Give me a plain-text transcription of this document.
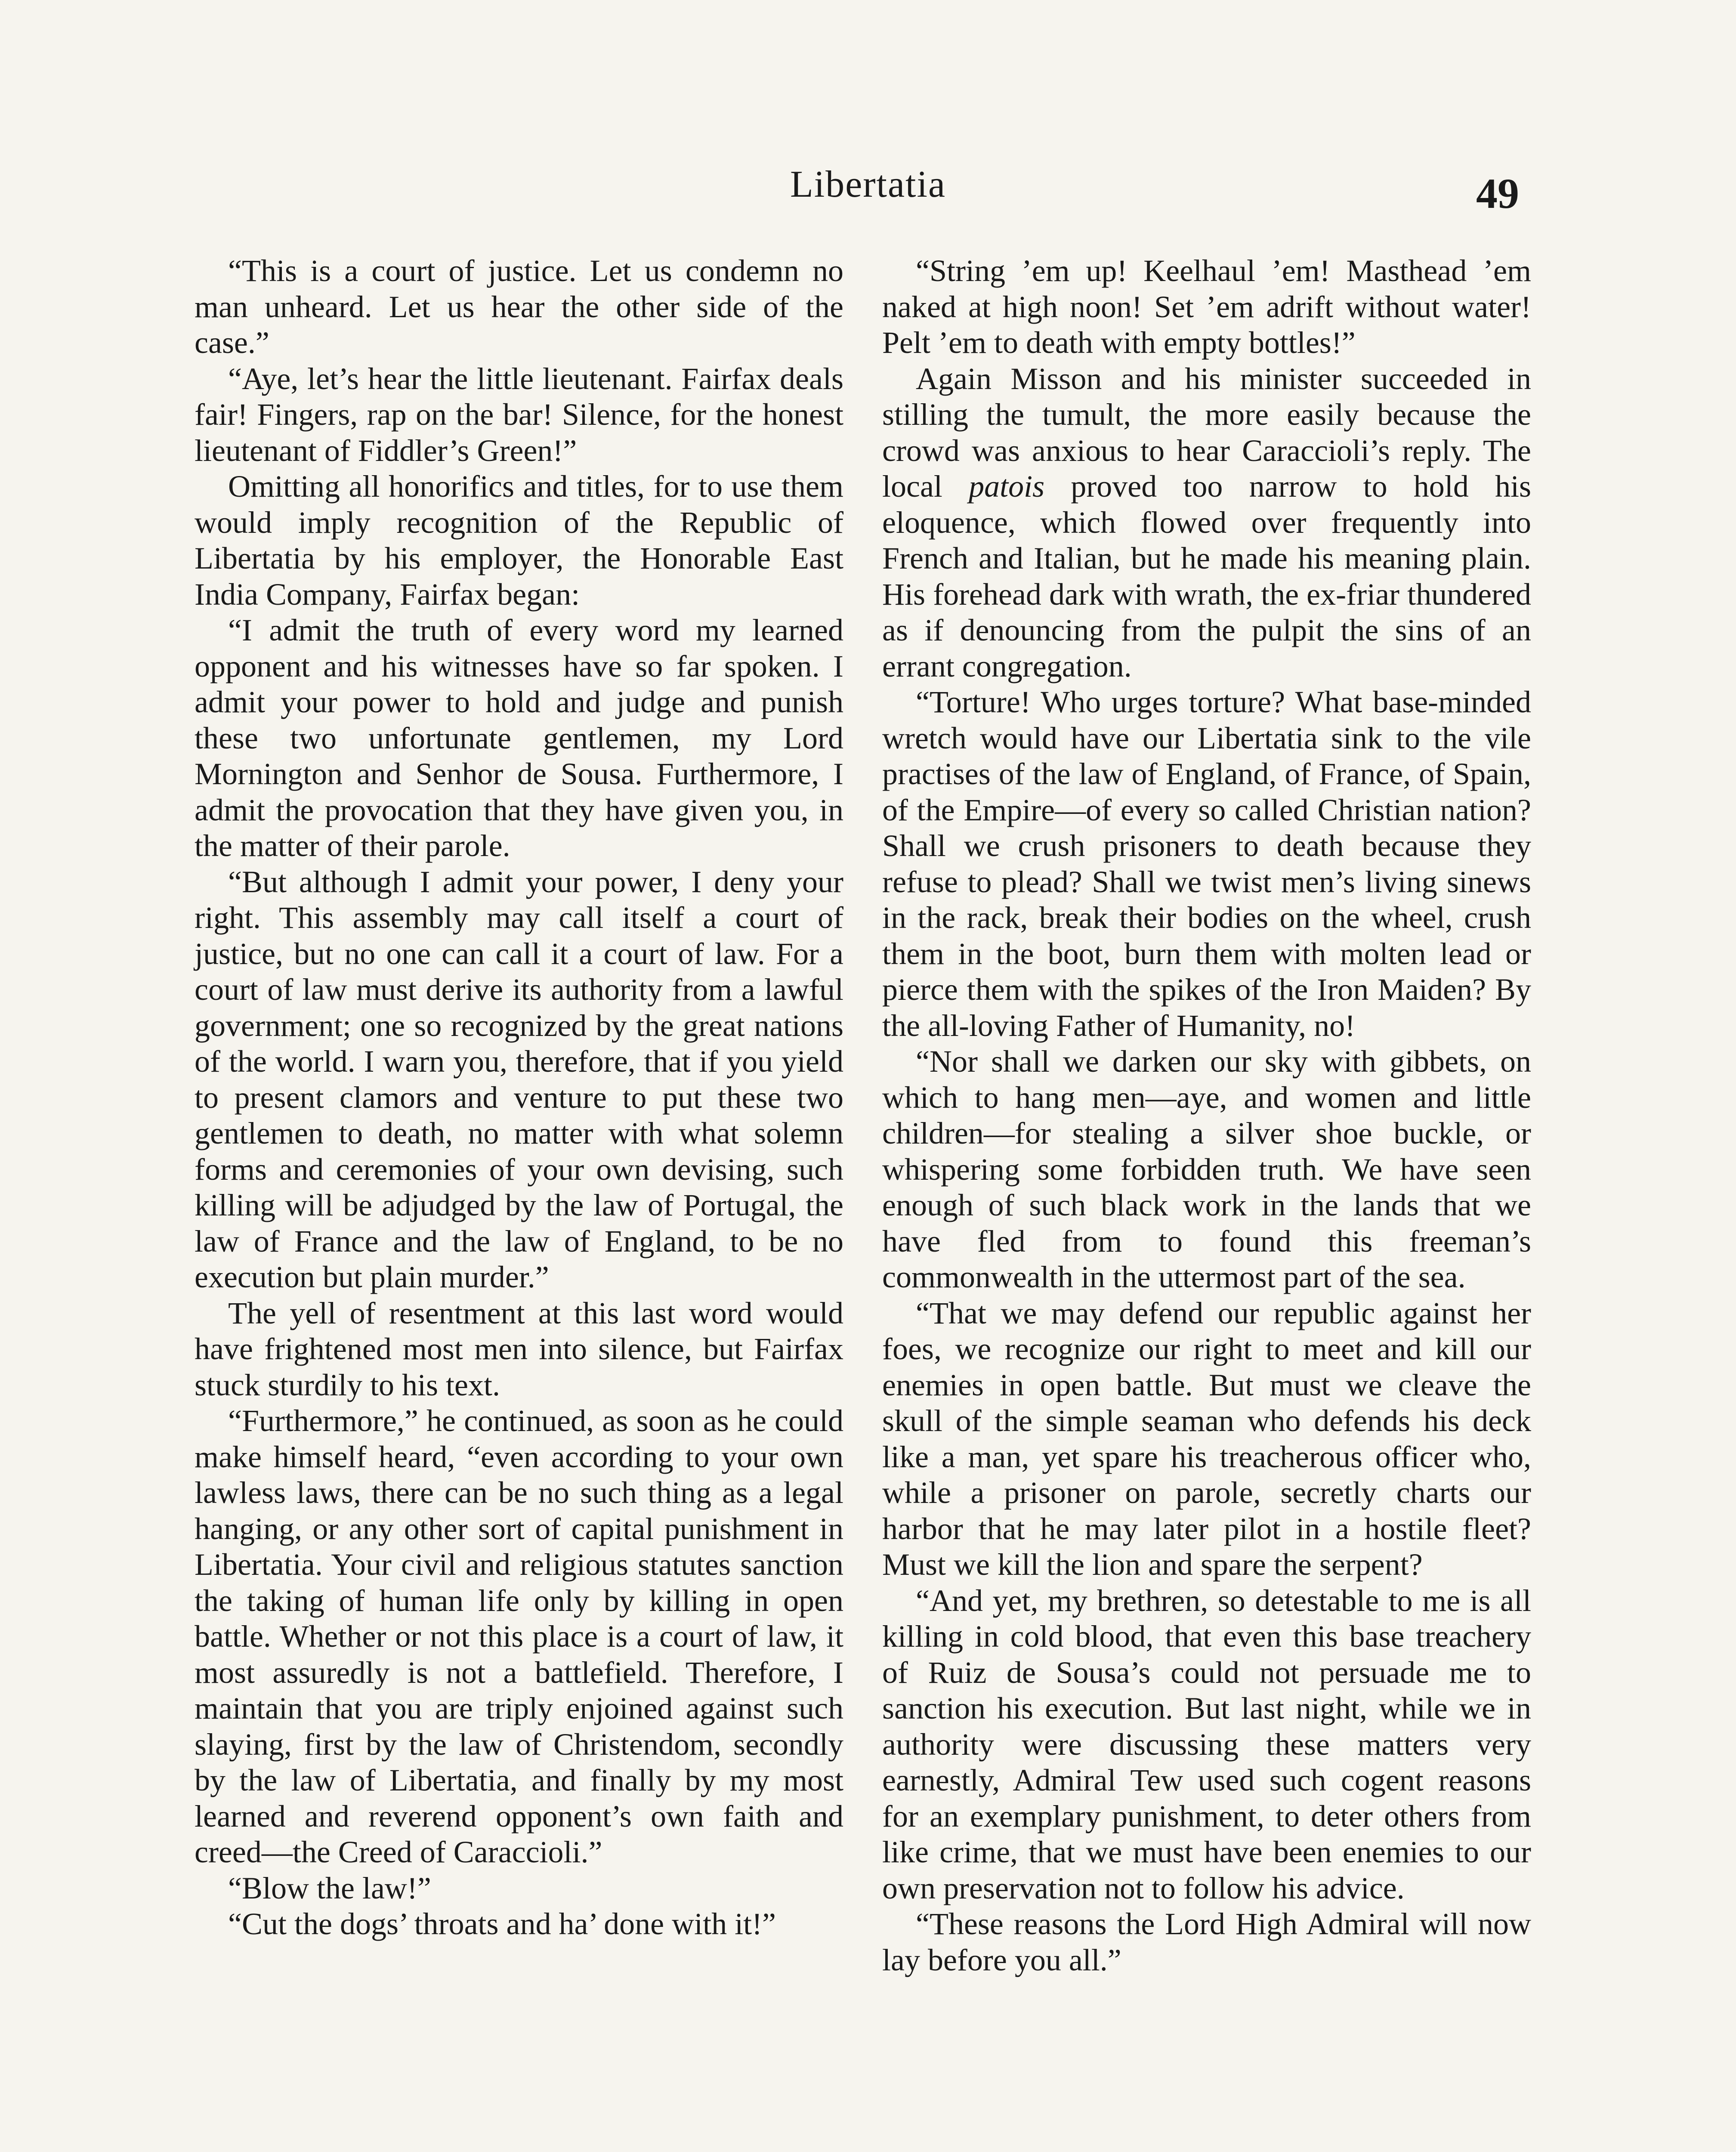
Libertatia	49

“This is a court of justice. Let us condemn no man unheard. Let us hear the other side of the case.”

“Aye, let’s hear the little lieutenant. Fairfax deals fair! Fingers, rap on the bar! Silence, for the honest lieutenant of Fiddler’s Green!”

Omitting all honorifics and titles, for to use them would imply recognition of the Republic of Libertatia by his employer, the Honorable East India Company, Fairfax began:

“I admit the truth of every word my learned opponent and his witnesses have so far spoken. I admit your power to hold and judge and punish these two unfortunate gentlemen, my Lord Mornington and Senhor de Sousa. Furthermore, I admit the provocation that they have given you, in the matter of their parole.

“But although I admit your power, I deny your right. This assembly may call itself a court of justice, but no one can call it a court of law. For a court of law must derive its authority from a lawful government; one so recognized by the great nations of the world. I warn you, therefore, that if you yield to present clamors and venture to put these two gentlemen to death, no matter with what solemn forms and ceremonies of your own devising, such killing will be adjudged by the law of Portugal, the law of France and the law of England, to be no execution but plain murder.”

The yell of resentment at this last word would have frightened most men into silence, but Fairfax stuck sturdily to his text.

“Furthermore,” he continued, as soon as he could make himself heard, “even according to your own lawless laws, there can be no such thing as a legal hanging, or any other sort of capital punishment in Libertatia. Your civil and religious statutes sanction the taking of human life only by killing in open battle. Whether or not this place is a court of law, it most assuredly is not a battlefield. Therefore, I maintain that you are triply enjoined against such slaying, first by the law of Christendom, secondly by the law of Libertatia, and finally by my most learned and reverend opponent’s own faith and creed—the Creed of Caraccioli.”

“Blow the law!”

“Cut the dogs’ throats and ha’ done with it!”

“String ’em up! Keelhaul ’em! Masthead ’em naked at high noon! Set ’em adrift without water! Pelt ’em to death with empty bottles!”

Again Misson and his minister succeeded in stilling the tumult, the more easily because the crowd was anxious to hear Caraccioli’s reply. The local patois proved too narrow to hold his eloquence, which flowed over frequently into French and Italian, but he made his meaning plain. His forehead dark with wrath, the ex-friar thundered as if denouncing from the pulpit the sins of an errant congregation.

“Torture! Who urges torture? What base-minded wretch would have our Libertatia sink to the vile practises of the law of England, of France, of Spain, of the Empire—of every so called Christian nation? Shall we crush prisoners to death because they refuse to plead? Shall we twist men’s living sinews in the rack, break their bodies on the wheel, crush them in the boot, burn them with molten lead or pierce them with the spikes of the Iron Maiden? By the all-loving Father of Humanity, no!

“Nor shall we darken our sky with gibbets, on which to hang men—aye, and women and little children—for stealing a silver shoe buckle, or whispering some forbidden truth. We have seen enough of such black work in the lands that we have fled from to found this freeman’s commonwealth in the uttermost part of the sea.

“That we may defend our republic against her foes, we recognize our right to meet and kill our enemies in open battle. But must we cleave the skull of the simple seaman who defends his deck like a man, yet spare his treacherous officer who, while a prisoner on parole, secretly charts our harbor that he may later pilot in a hostile fleet? Must we kill the lion and spare the serpent?

“And yet, my brethren, so detestable to me is all killing in cold blood, that even this base treachery of Ruiz de Sousa’s could not persuade me to sanction his execution. But last night, while we in authority were discussing these matters very earnestly, Admiral Tew used such cogent reasons for an exemplary punishment, to deter others from like crime, that we must have been enemies to our own preservation not to follow his advice.

“These reasons the Lord High Admiral will now lay before you all.”
